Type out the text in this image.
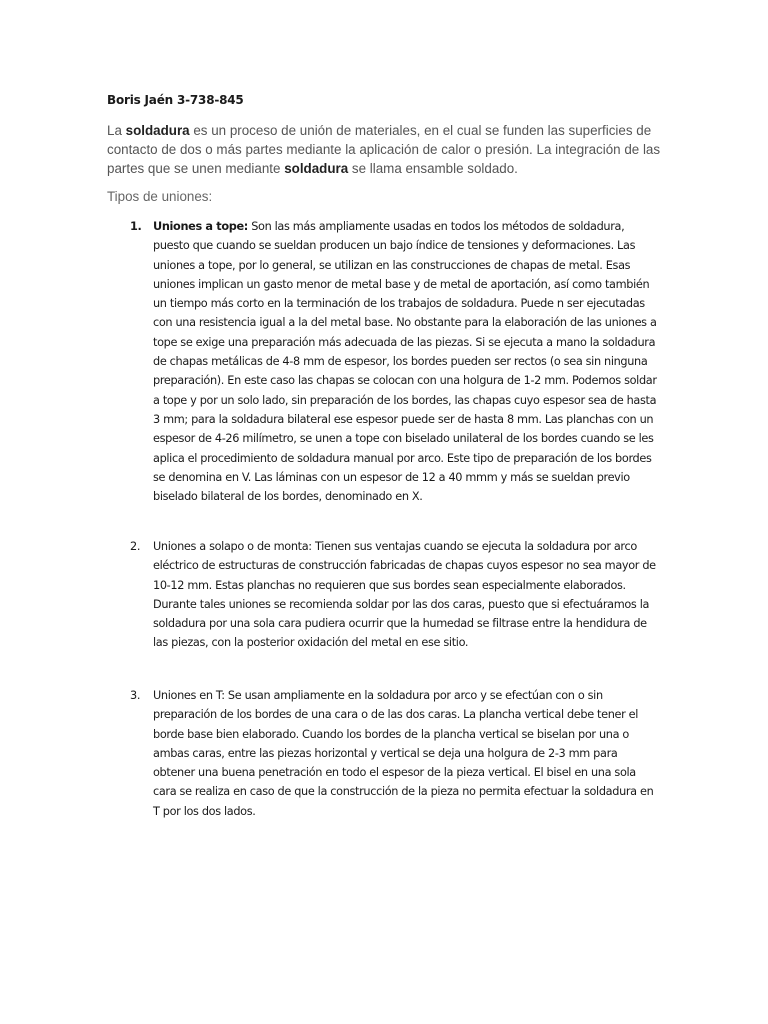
Boris Jaén 3-738-845

La soldadura es un proceso de unión de materiales, en el cual se funden las superficies de contacto de dos o más partes mediante la aplicación de calor o presión. La integración de las partes que se unen mediante soldadura se llama ensamble soldado.

Tipos de uniones:
1.	Uniones a tope: Son las más ampliamente usadas en todos los métodos de soldadura, puesto que cuando se sueldan producen un bajo índice de tensiones y deformaciones. Las uniones a tope, por lo general, se utilizan en las construcciones de chapas de metal. Esas uniones implican un gasto menor de metal base y de metal de aportación, así como también un tiempo más corto en la terminación de los trabajos de soldadura. Puede n ser ejecutadas con una resistencia igual a la del metal base. No obstante para la elaboración de las uniones a tope se exige una preparación más adecuada de las piezas. Si se ejecuta a mano la soldadura de chapas metálicas de 4-8 mm de espesor, los bordes pueden ser rectos (o sea sin ninguna preparación). En este caso las chapas se colocan con una holgura de 1-2 mm. Podemos soldar a tope y por un solo lado, sin preparación de los bordes, las chapas cuyo espesor sea de hasta 3 mm; para la soldadura bilateral ese espesor puede ser de hasta 8 mm. Las planchas con un espesor de 4-26 milímetro, se unen a tope con biselado unilateral de los bordes cuando se les aplica el procedimiento de soldadura manual por arco. Este tipo de preparación de los bordes se denomina en V. Las láminas con un espesor de 12 a 40 mmm y más se sueldan previo biselado bilateral de los bordes, denominado en X.
2.	Uniones a solapo o de monta: Tienen sus ventajas cuando se ejecuta la soldadura por arco eléctrico de estructuras de construcción fabricadas de chapas cuyos espesor no sea mayor de 10-12 mm. Estas planchas no requieren que sus bordes sean especialmente elaborados. Durante tales uniones se recomienda soldar por las dos caras, puesto que si efectuáramos la soldadura por una sola cara pudiera ocurrir que la humedad se filtrase entre la hendidura de las piezas, con la posterior oxidación del metal en ese sitio.
3.	Uniones en T: Se usan ampliamente en la soldadura por arco y se efectúan con o sin preparación de los bordes de una cara o de las dos caras. La plancha vertical debe tener el borde base bien elaborado. Cuando los bordes de la plancha vertical se biselan por una o ambas caras, entre las piezas horizontal y vertical se deja una holgura de 2-3 mm para obtener una buena penetración en todo el espesor de la pieza vertical. El bisel en una sola cara se realiza en caso de que la construcción de la pieza no permita efectuar la soldadura en T por los dos lados.
